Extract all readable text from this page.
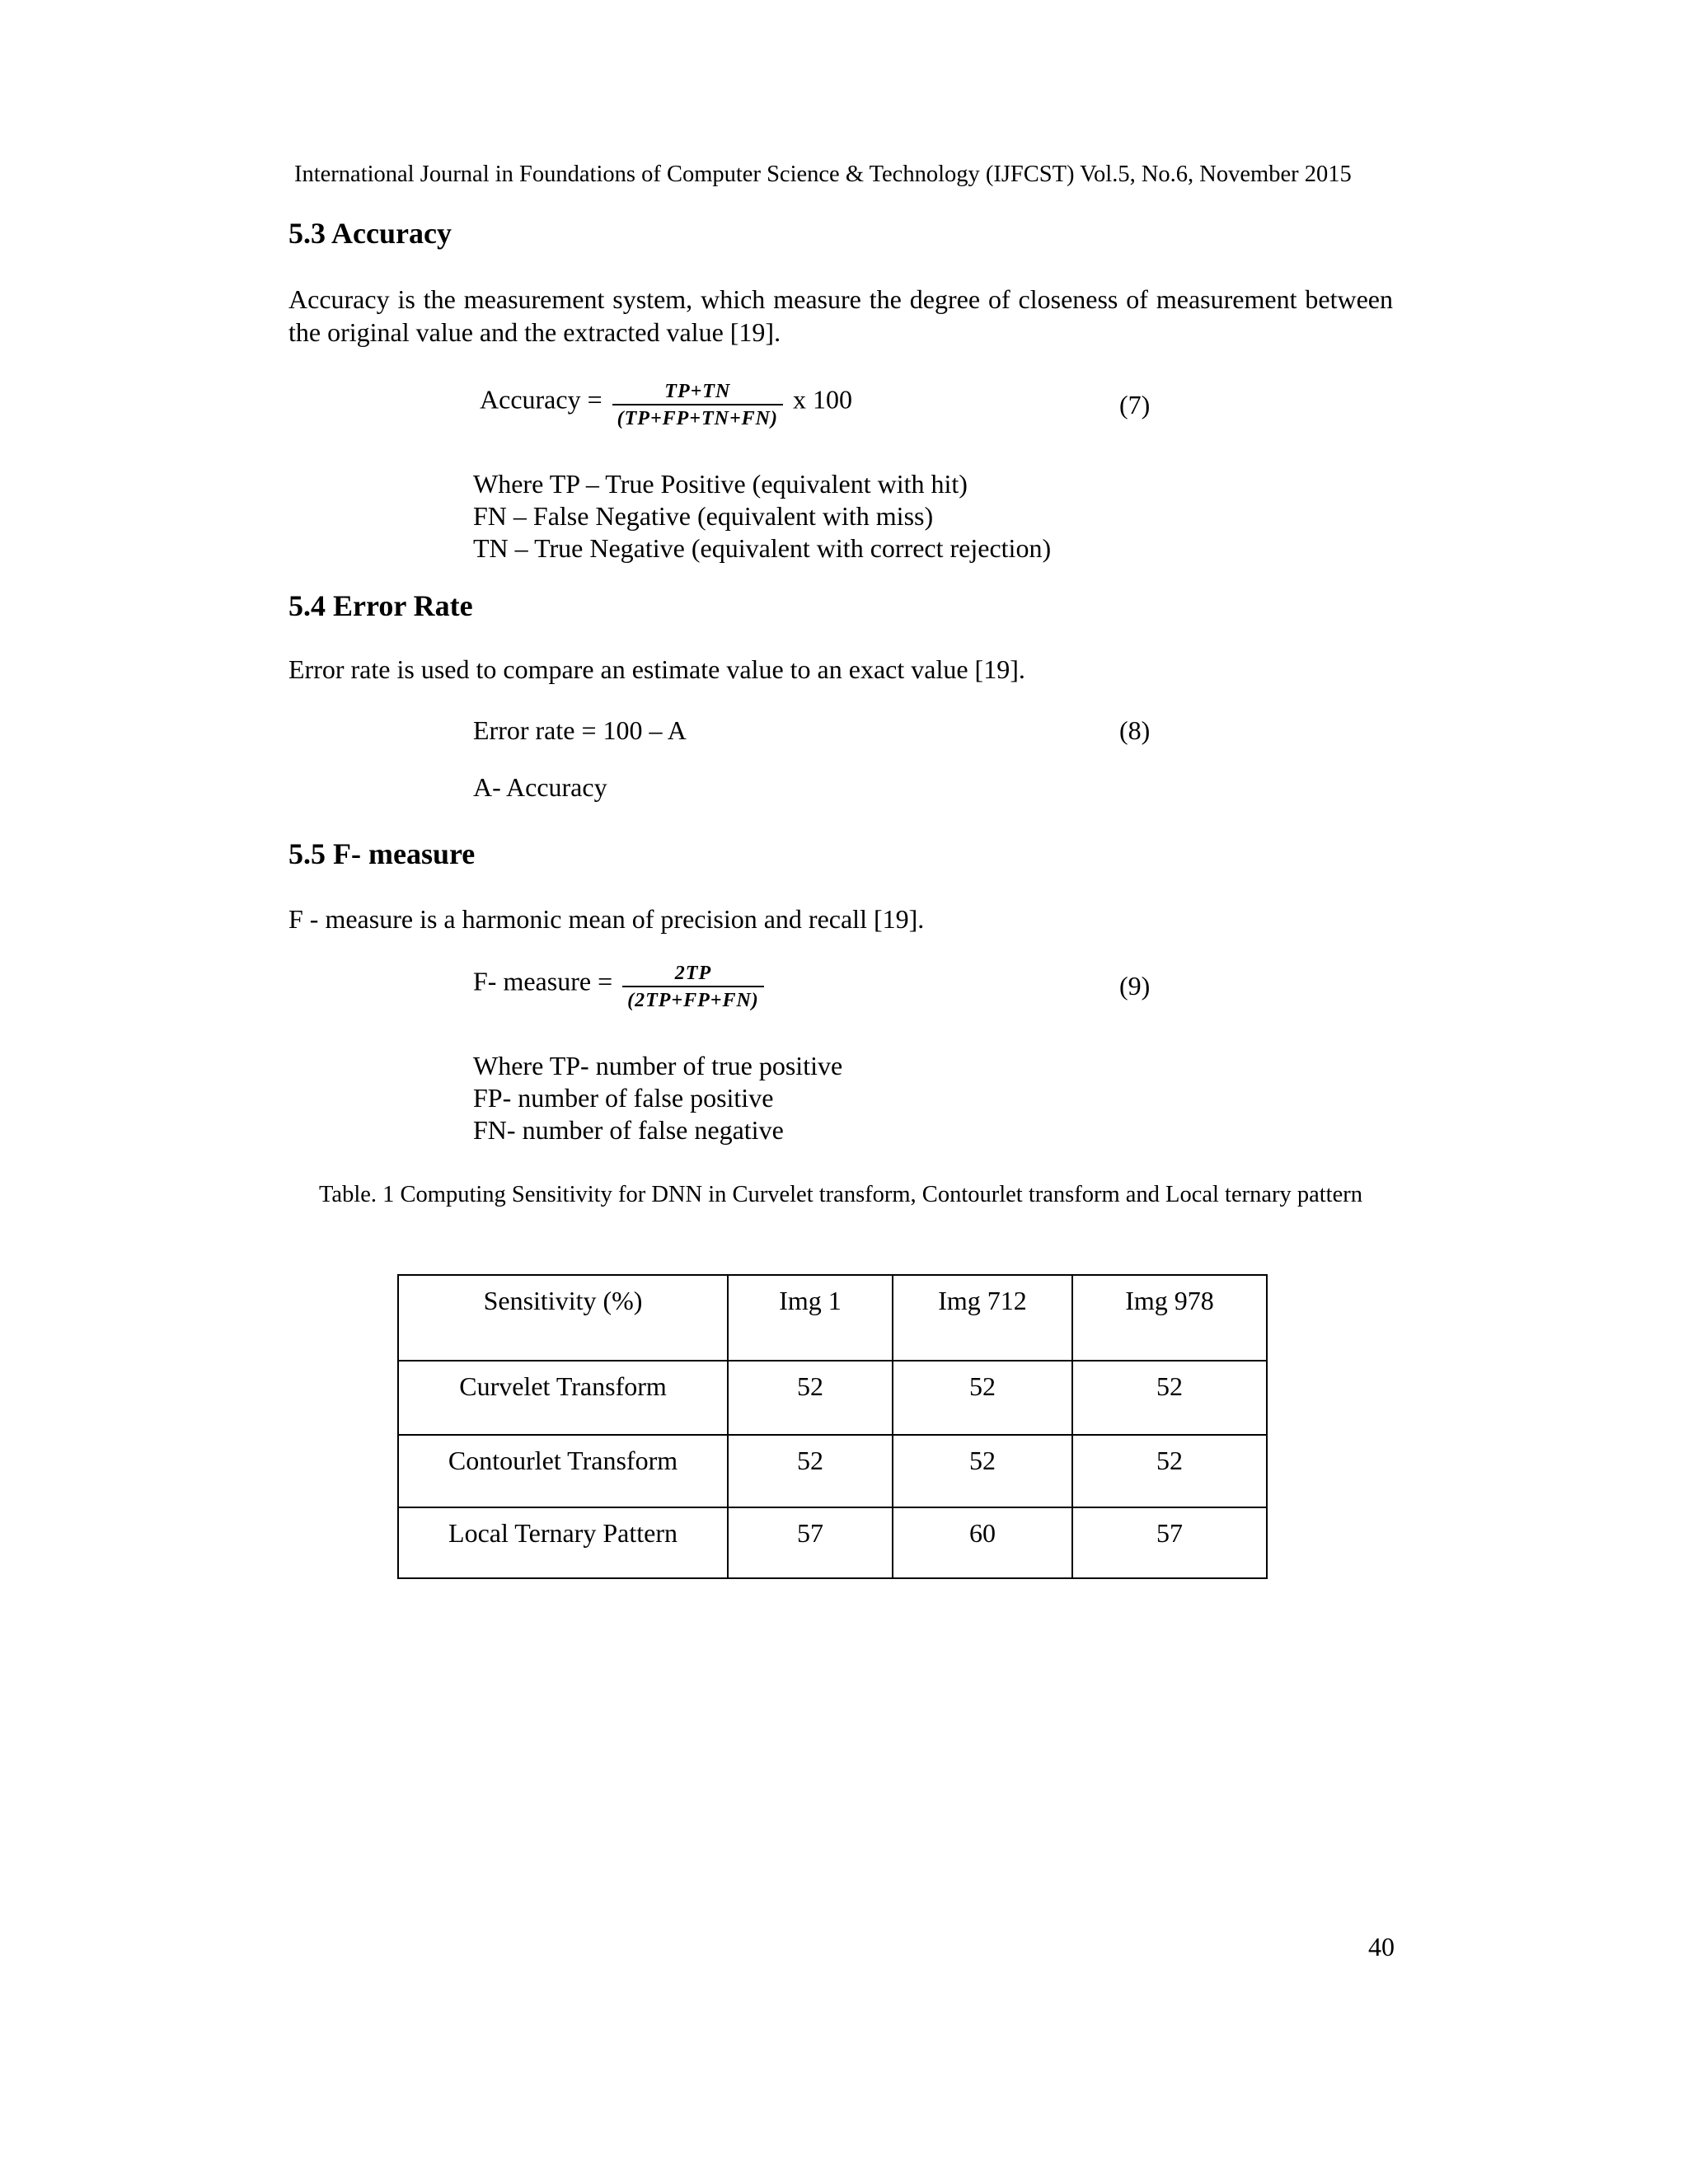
International Journal in Foundations of Computer Science & Technology (IJFCST) Vol.5, No.6, November 2015
5.3 Accuracy
Accuracy is the measurement system, which measure the degree of closeness of measurement between the original value and the extracted value [19].
Accuracy = $\frac{TP+TN}{(TP+FP+TN+FN)}$ x 100	(7)
Where TP – True Positive (equivalent with hit)
FN – False Negative (equivalent with miss)
TN – True Negative (equivalent with correct rejection)
5.4 Error Rate
Error rate is used to compare an estimate value to an exact value [19].
Error rate = 100 – A	(8)
A- Accuracy
5.5 F- measure
F - measure is a harmonic mean of precision and recall [19].
F- measure = $\frac{2TP}{(2TP+FP+FN)}$	(9)
Where TP- number of true positive
FP- number of false positive
FN- number of false negative
Table. 1 Computing Sensitivity for DNN in Curvelet transform, Contourlet transform and Local ternary pattern
Sensitivity (%)	Img 1	Img 712	Img 978
Curvelet Transform	52	52	52
Contourlet Transform	52	52	52
Local Ternary Pattern	57	60	57
40
